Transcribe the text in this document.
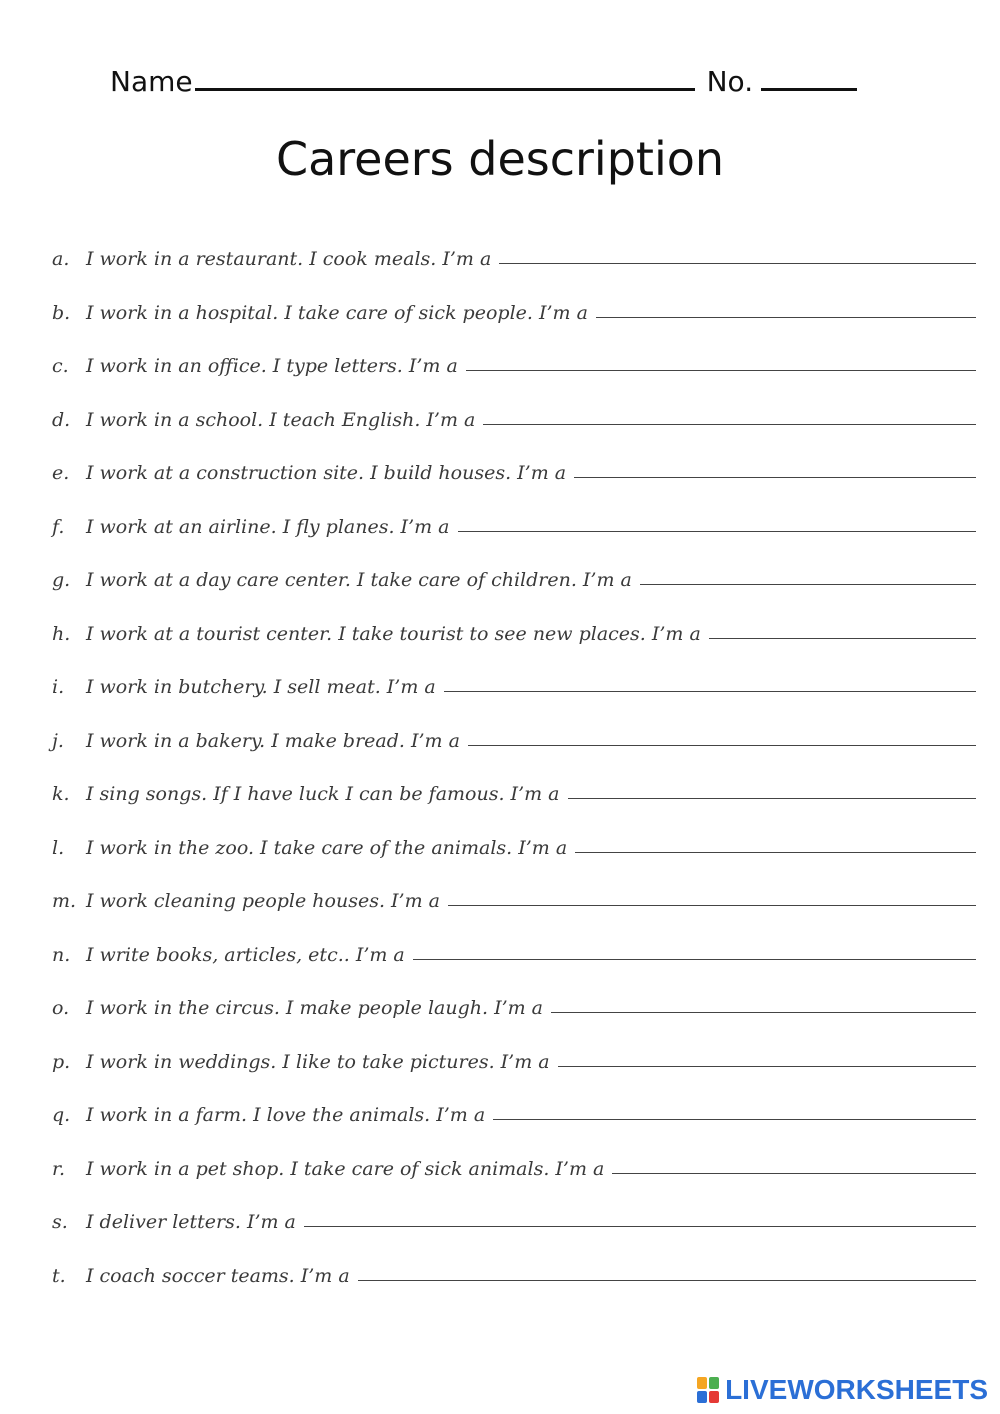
Name	No.
Careers description
a. I work in a restaurant. I cook meals. I’m a
b. I work in a hospital. I take care of sick people. I’m a
c. I work in an office. I type letters. I’m a
d. I work in a school. I teach English. I’m a
e. I work at a construction site. I build houses. I’m a
f.	I work at an airline. I fly planes. I’m a
g. I work at a day care center. I take care of children. I’m a
h. I work at a tourist center. I take tourist to see new places. I’m a
i.	I work in butchery. I sell meat. I’m a
j.	I work in a bakery. I make bread. I’m a
k. I sing songs. If I have luck I can be famous. I’m a
l.	I work in the zoo. I take care of the animals. I’m a
m. I work cleaning people houses. I’m a
n. I write books, articles, etc.. I’m a
o. I work in the circus. I make people laugh. I’m a
p. I work in weddings. I like to take pictures. I’m a
q. I work in a farm. I love the animals. I’m a
r.	I work in a pet shop. I take care of sick animals. I’m a
s. I deliver letters. I’m a
t.	I coach soccer teams. I’m a
LIVEWORKSHEETS
